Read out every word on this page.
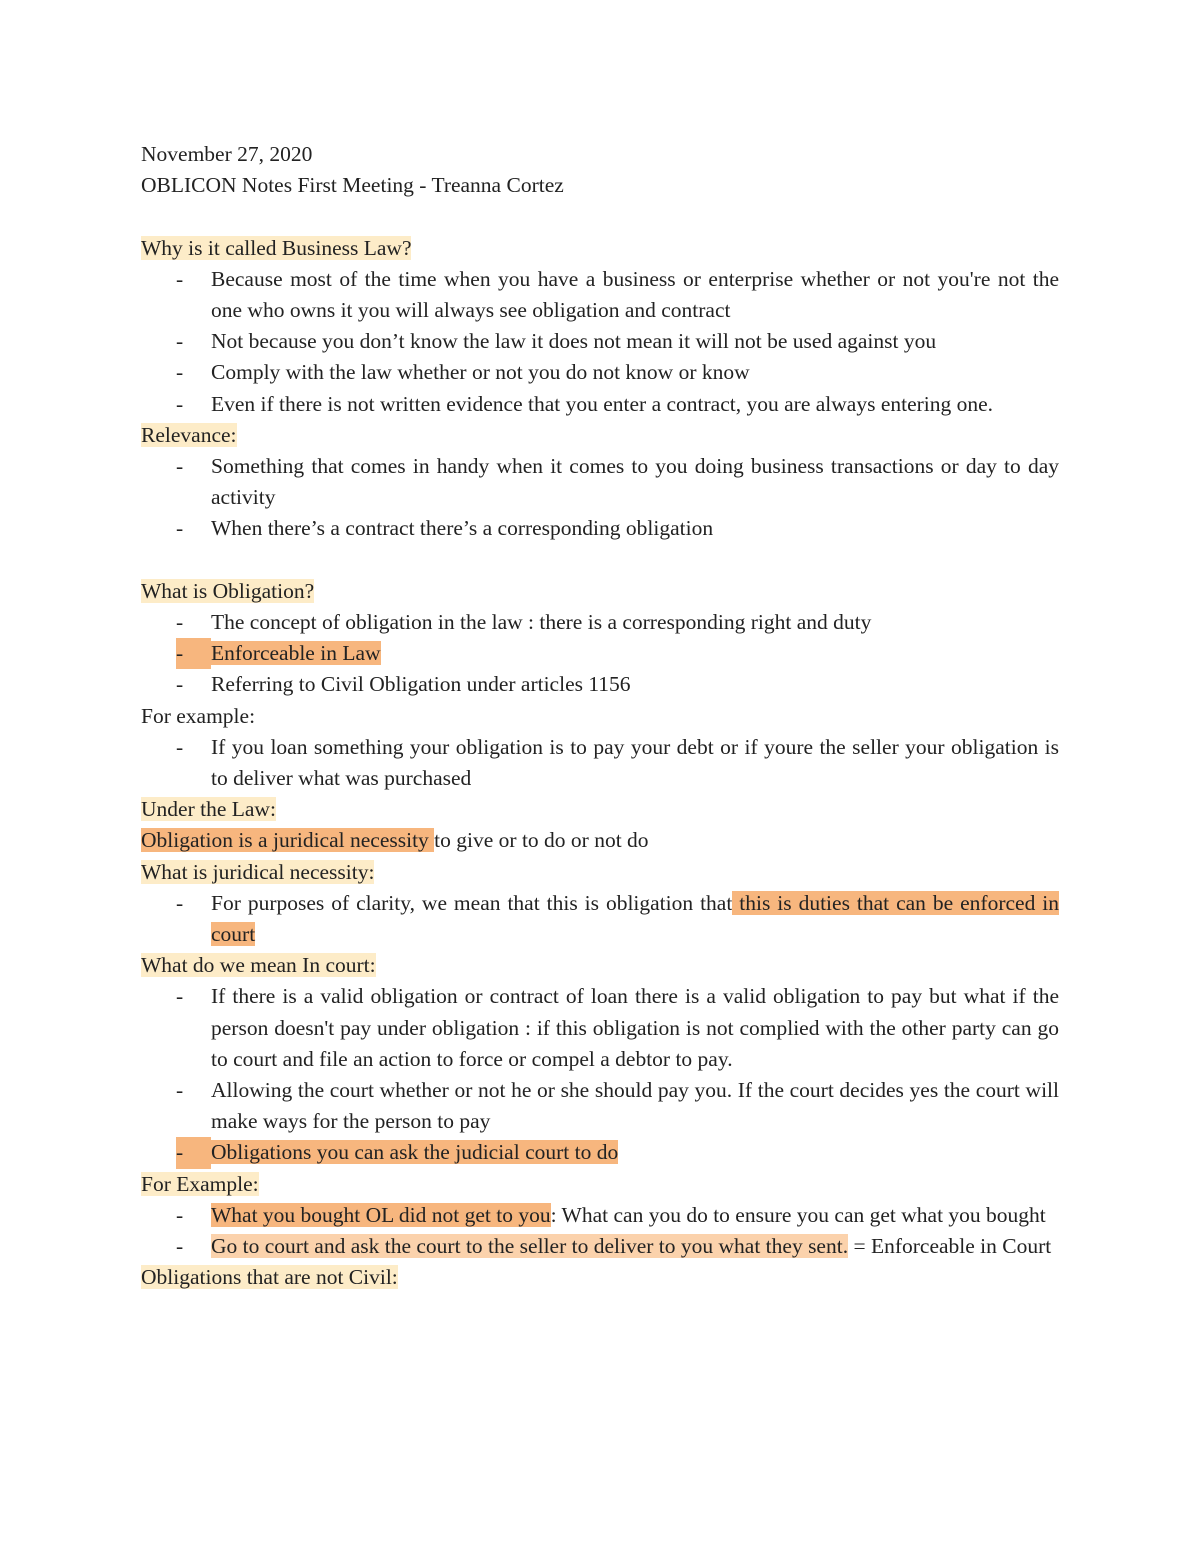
November 27, 2020
OBLICON Notes First Meeting - Treanna Cortez
Why is it called Business Law?
-	Because most of the time when you have a business or enterprise whether or not you're not the one who owns it you will always see obligation and contract
-	Not because you don’t know the law it does not mean it will not be used against you
-	Comply with the law whether or not you do not know or know
-	Even if there is not written evidence that you enter a contract, you are always entering one.
Relevance:
-	Something that comes in handy when it comes to you doing business transactions or day to day activity
-	When there’s a contract there’s a corresponding obligation
What is Obligation?
-	The concept of obligation in the law : there is a corresponding right and duty
- Enforceable in Law
-	Referring to Civil Obligation under articles 1156
For example:
-	If you loan something your obligation is to pay your debt or if youre the seller your obligation is to deliver what was purchased
Under the Law:
Obligation is a juridical necessity to give or to do or not do
What is juridical necessity:
-	For purposes of clarity, we mean that this is obligation that this is duties that can be enforced in court
What do we mean In court:
-	If there is a valid obligation or contract of loan there is a valid obligation to pay but what if the person doesn't pay under obligation : if this obligation is not complied with the other party can go to court and file an action to force or compel a debtor to pay.
-	Allowing the court whether or not he or she should pay you. If the court decides yes the court will make ways for the person to pay
- Obligations you can ask the judicial court to do
For Example:
-	What you bought OL did not get to you: What can you do to ensure you can get what you bought
-	Go to court and ask the court to the seller to deliver to you what they sent. = Enforceable in Court
Obligations that are not Civil:
